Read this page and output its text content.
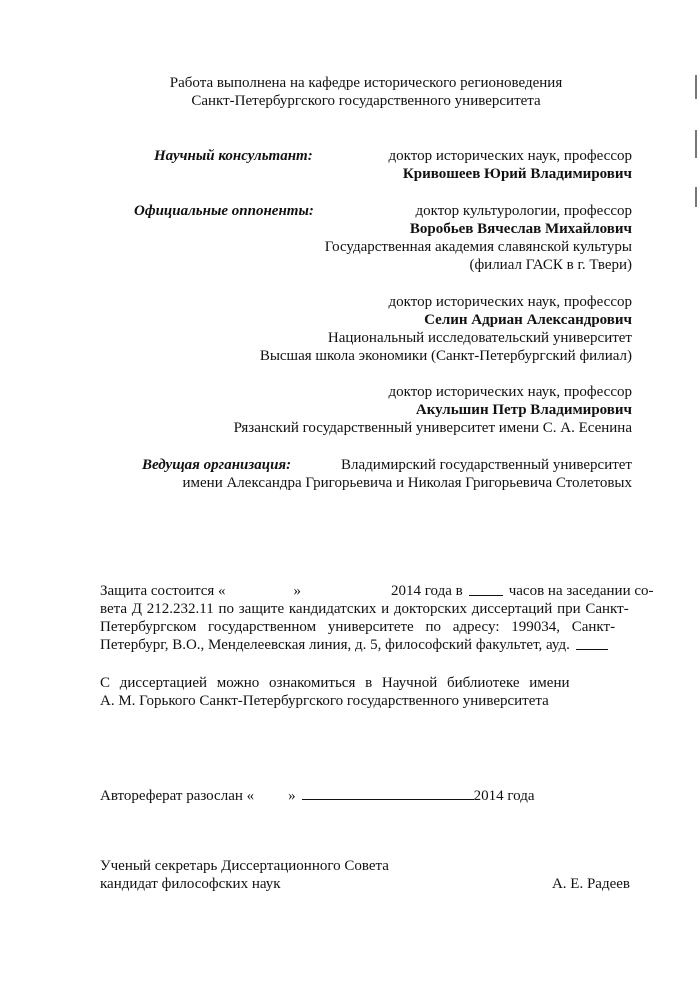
Работа выполнена на кафедре исторического регионоведения
Санкт-Петербургского государственного университета
Научный консультант:	доктор исторических наук, профессор
Кривошеев Юрий Владимирович
Официальные оппоненты:	доктор культурологии, профессор
Воробьев Вячеслав Михайлович
Государственная академия славянской культуры
(филиал ГАСК в г. Твери)
доктор исторических наук, профессор
Селин Адриан Александрович
Национальный исследовательский университет
Высшая школа экономики (Санкт-Петербургский филиал)
доктор исторических наук, профессор
Акульшин Петр Владимирович
Рязанский государственный университет имени С. А. Есенина
Ведущая организация:	Владимирский государственный университет
имени Александра Григорьевича и Николая Григорьевича Столетовых
Защита состоится «	»	2014 года в	часов на заседании со-
вета Д 212.232.11 по защите кандидатских и докторских диссертаций при Санкт-
Петербургском государственном университете по адресу: 199034, Санкт-
Петербург, В.О., Менделеевская линия, д. 5, философский факультет, ауд.
С диссертацией можно ознакомиться в Научной библиотеке имени
А. М. Горького Санкт-Петербургского государственного университета
Автореферат разослан « »	2014 года
Ученый секретарь Диссертационного Совета
кандидат философских наук	А. Е. Радеев
